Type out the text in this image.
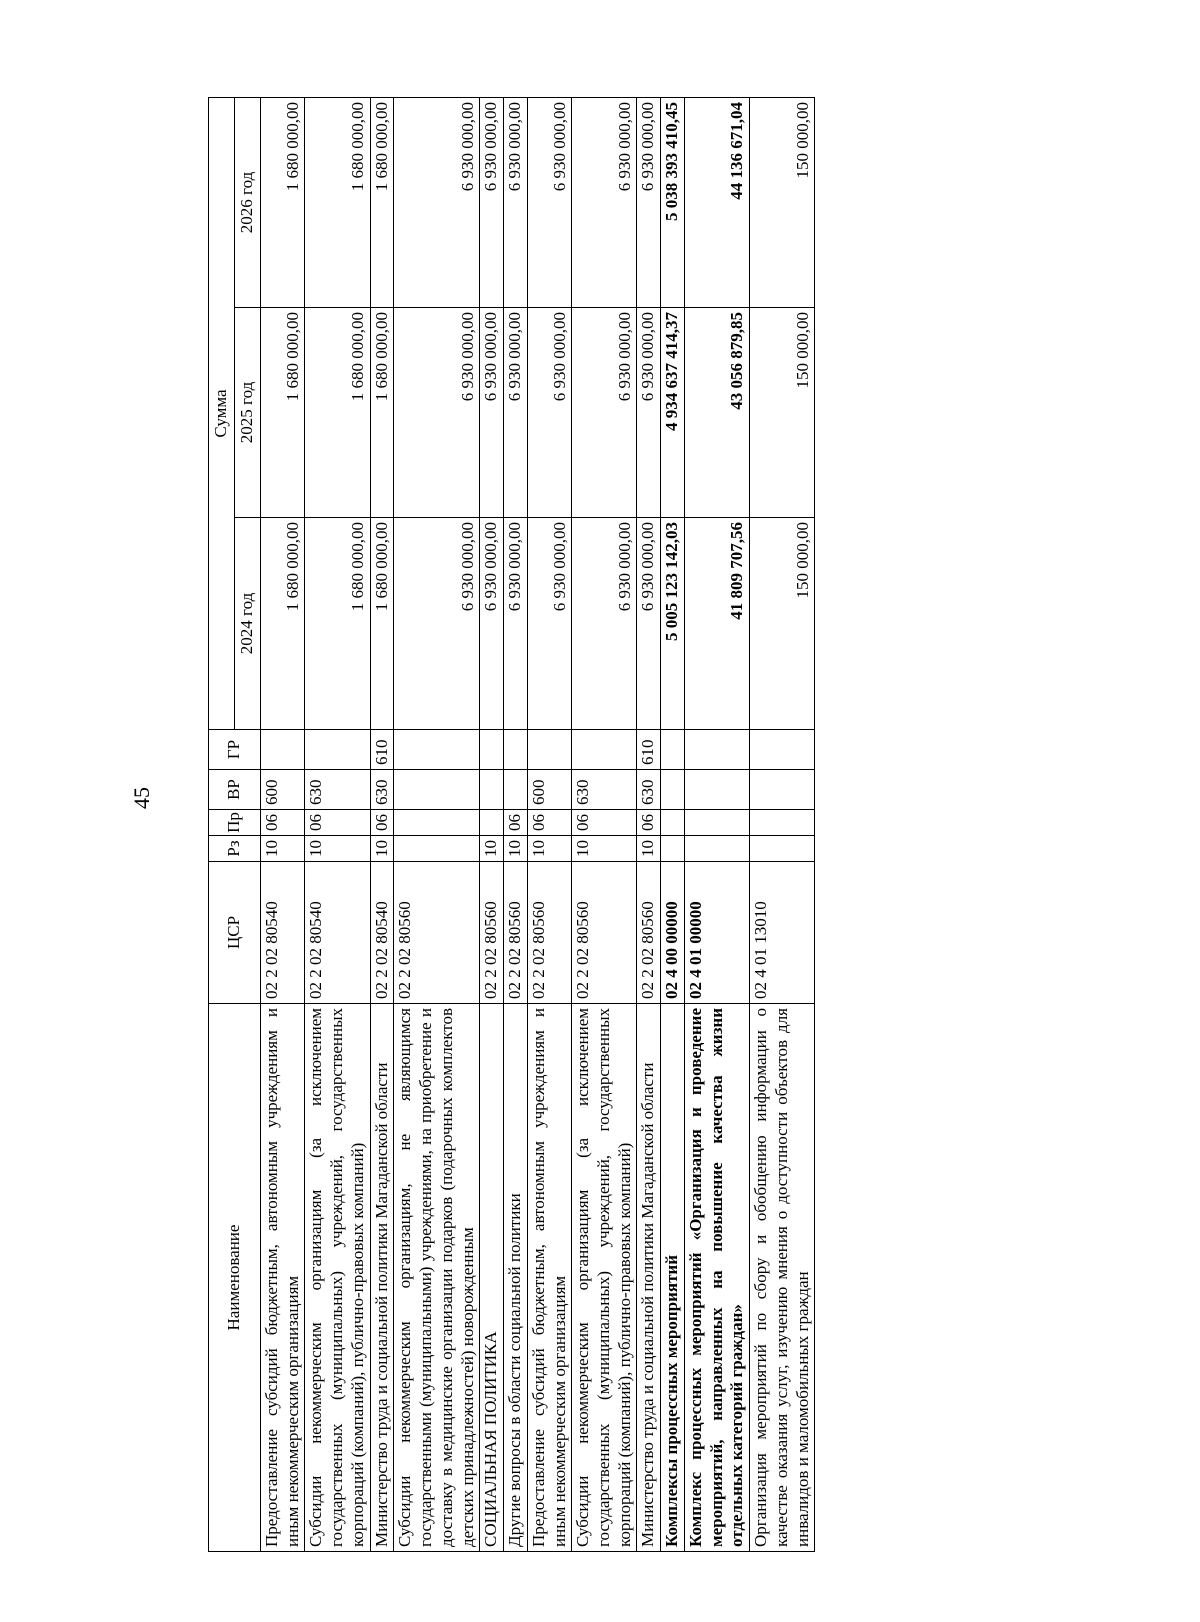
45
Наименование	ЦСР	Рз	Пр	ВР	ГР	Сумма		
						2024 год	2025 год	2026 год
Предоставление субсидий бюджетным, автономным учреждениям и иным некоммерческим организациям	02 2 02 80540	10	06	600		1 680 000,00	1 680 000,00	1 680 000,00
Субсидии некоммерческим организациям (за исключением государственных (муниципальных) учреждений, государственных корпораций (компаний), публично-правовых компаний)	02 2 02 80540	10	06	630		1 680 000,00	1 680 000,00	1 680 000,00
Министерство труда и социальной политики Магаданской области	02 2 02 80540	10	06	630	610	1 680 000,00	1 680 000,00	1 680 000,00
Субсидии некоммерческим организациям, не являющимся государственными (муниципальными) учреждениями, на приобретение и доставку в медицинские организации подарков (подарочных комплектов детских принадлежностей) новорожденным	02 2 02 80560					6 930 000,00	6 930 000,00	6 930 000,00
СОЦИАЛЬНАЯ ПОЛИТИКА	02 2 02 80560	10				6 930 000,00	6 930 000,00	6 930 000,00
Другие вопросы в области социальной политики	02 2 02 80560	10	06			6 930 000,00	6 930 000,00	6 930 000,00
Предоставление субсидий бюджетным, автономным учреждениям и иным некоммерческим организациям	02 2 02 80560	10	06	600		6 930 000,00	6 930 000,00	6 930 000,00
Субсидии некоммерческим организациям (за исключением государственных (муниципальных) учреждений, государственных корпораций (компаний), публично-правовых компаний)	02 2 02 80560	10	06	630		6 930 000,00	6 930 000,00	6 930 000,00
Министерство труда и социальной политики Магаданской области	02 2 02 80560	10	06	630	610	6 930 000,00	6 930 000,00	6 930 000,00
Комплексы процессных мероприятий	02 4 00 00000					5 005 123 142,03	4 934 637 414,37	5 038 393 410,45
Комплекс процессных мероприятий «Организация и проведение мероприятий, направленных на повышение качества жизни отдельных категорий граждан»	02 4 01 00000					41 809 707,56	43 056 879,85	44 136 671,04
Организация мероприятий по сбору и обобщению информации о качестве оказания услуг, изучению мнения о доступности объектов для инвалидов и маломобильных граждан	02 4 01 13010					150 000,00	150 000,00	150 000,00
